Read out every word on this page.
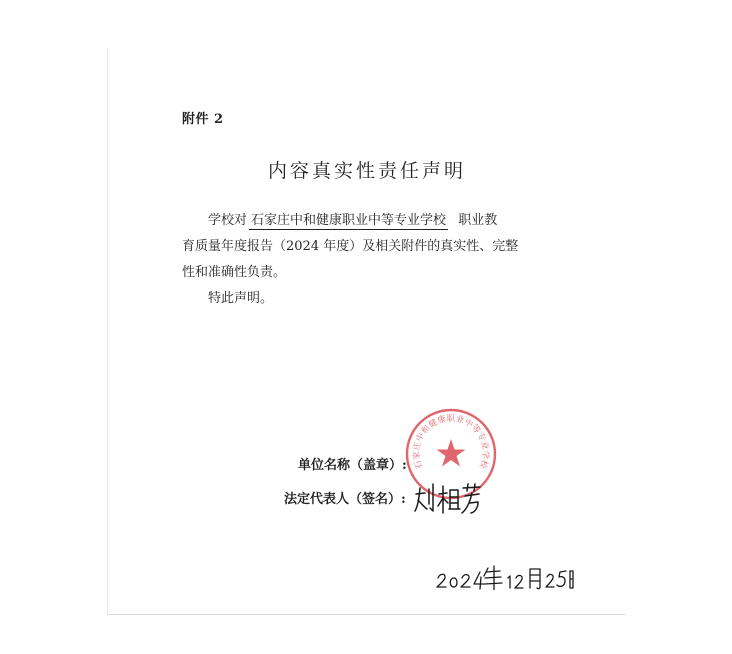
附件 2
内容真实性责任声明
学校对 石家庄中和健康职业中等专业学校 职业教
育质量年度报告（2024 年度）及相关附件的真实性、完整
性和准确性负责。
特此声明。
石家庄中和健康职业中等专业学校
单位名称（盖章）:
法定代表人（签名）:
